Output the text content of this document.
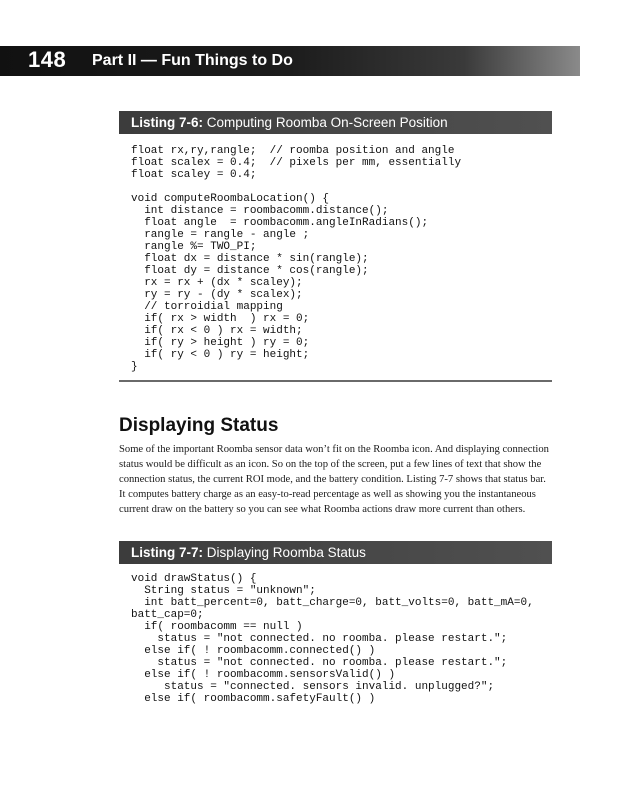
148 Part II — Fun Things to Do
Listing 7-6: Computing Roomba On-Screen Position
float rx,ry,rangle;  // roomba position and angle
float scalex = 0.4;  // pixels per mm, essentially
float scaley = 0.4;

void computeRoombaLocation() {
int distance = roombacomm.distance();
float angle  = roombacomm.angleInRadians();
rangle = rangle - angle ;
rangle %= TWO_PI;
float dx = distance * sin(rangle);
float dy = distance * cos(rangle);
rx = rx + (dx * scaley);
ry = ry - (dy * scalex);
// torroidial mapping
if( rx > width  ) rx = 0;
if( rx < 0 ) rx = width;
if( ry > height ) ry = 0;
if( ry < 0 ) ry = height;
}
Displaying Status

Some of the important Roomba sensor data won’t fit on the Roomba icon. And displaying connection status would be difficult as an icon. So on the top of the screen, put a few lines of text that show the connection status, the current ROI mode, and the battery condition. Listing 7-7 shows that status bar. It computes battery charge as an easy-to-read percentage as well as showing you the instantaneous current draw on the battery so you can see what Roomba actions draw more current than others.

Listing 7-7: Displaying Roomba Status
void drawStatus() {
String status = "unknown";
int batt_percent=0, batt_charge=0, batt_volts=0, batt_mA=0,
batt_cap=0;
if( roombacomm == null )
status = "not connected. no roomba. please restart.";
else if( ! roombacomm.connected() )
status = "not connected. no roomba. please restart.";
else if( ! roombacomm.sensorsValid() )
status = "connected. sensors invalid. unplugged?";
else if( roombacomm.safetyFault() )
